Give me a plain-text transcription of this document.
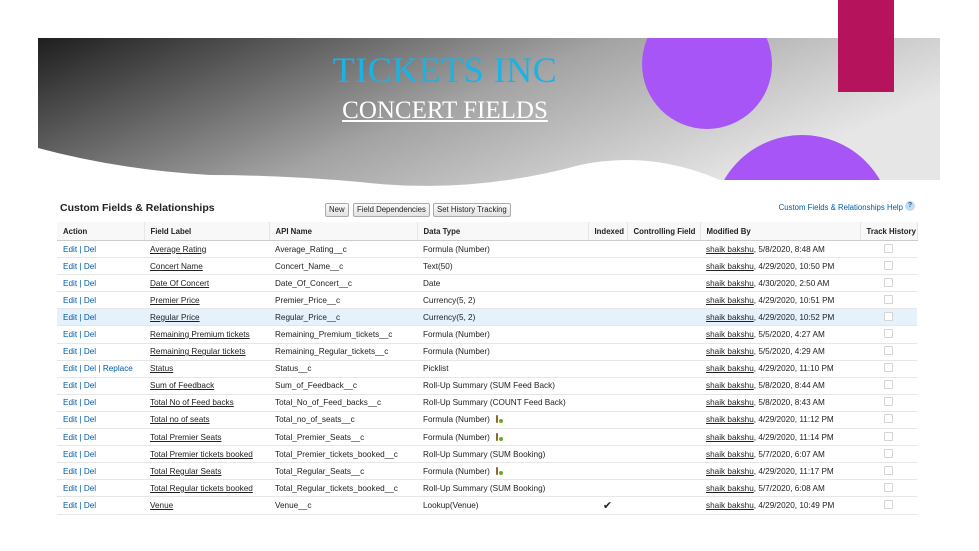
TICKETS INC
CONCERT FIELDS
Custom Fields & Relationships	New	Field Dependencies	Set History Tracking	Custom Fields & Relationships Help ?
Action	Field Label	API Name	Data Type	Indexed	Controlling Field	Modified By	Track History
Edit | Del	Average Rating	Average_Rating__c	Formula (Number)			shaik bakshu, 5/8/2020, 8:48 AM	
Edit | Del	Concert Name	Concert_Name__c	Text(50)			shaik bakshu, 4/29/2020, 10:50 PM	
Edit | Del	Date Of Concert	Date_Of_Concert__c	Date			shaik bakshu, 4/30/2020, 2:50 AM	
Edit | Del	Premier Price	Premier_Price__c	Currency(5, 2)			shaik bakshu, 4/29/2020, 10:51 PM	
Edit | Del	Regular Price	Regular_Price__c	Currency(5, 2)			shaik bakshu, 4/29/2020, 10:52 PM	
Edit | Del	Remaining Premium tickets	Remaining_Premium_tickets__c	Formula (Number)			shaik bakshu, 5/5/2020, 4:27 AM	
Edit | Del	Remaining Regular tickets	Remaining_Regular_tickets__c	Formula (Number)			shaik bakshu, 5/5/2020, 4:29 AM	
Edit | Del | Replace	Status	Status__c	Picklist			shaik bakshu, 4/29/2020, 11:10 PM	
Edit | Del	Sum of Feedback	Sum_of_Feedback__c	Roll-Up Summary (SUM Feed Back)			shaik bakshu, 5/8/2020, 8:44 AM	
Edit | Del	Total No of Feed backs	Total_No_of_Feed_backs__c	Roll-Up Summary (COUNT Feed Back)			shaik bakshu, 5/8/2020, 8:43 AM	
Edit | Del	Total no of seats	Total_no_of_seats__c	Formula (Number)			shaik bakshu, 4/29/2020, 11:12 PM	
Edit | Del	Total Premier Seats	Total_Premier_Seats__c	Formula (Number)			shaik bakshu, 4/29/2020, 11:14 PM	
Edit | Del	Total Premier tickets booked	Total_Premier_tickets_booked__c	Roll-Up Summary (SUM Booking)			shaik bakshu, 5/7/2020, 6:07 AM	
Edit | Del	Total Regular Seats	Total_Regular_Seats__c	Formula (Number)			shaik bakshu, 4/29/2020, 11:17 PM	
Edit | Del	Total Regular tickets booked	Total_Regular_tickets_booked__c	Roll-Up Summary (SUM Booking)			shaik bakshu, 5/7/2020, 6:08 AM	
Edit | Del	Venue	Venue__c	Lookup(Venue)	✔		shaik bakshu, 4/29/2020, 10:49 PM	
